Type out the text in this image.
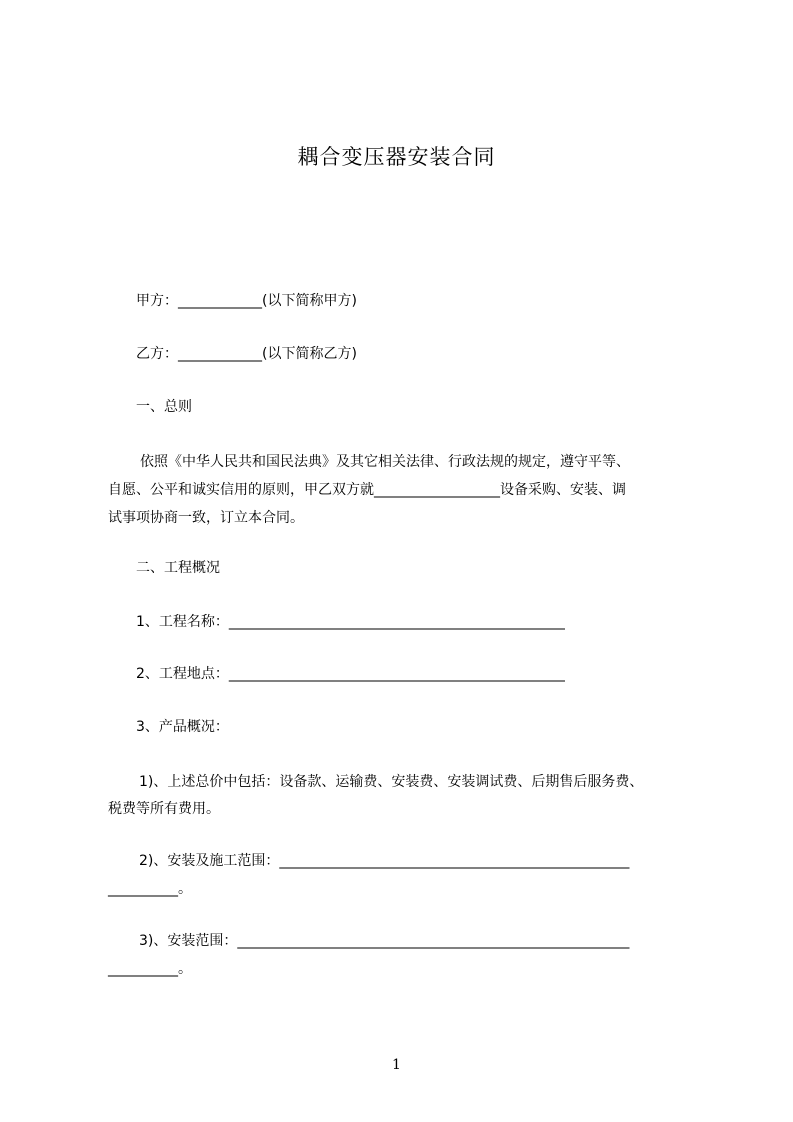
耦合变压器安装合同
甲方：____________(以下简称甲方)
乙方：____________(以下简称乙方)
一、总则
依照《中华人民共和国民法典》及其它相关法律、行政法规的规定，遵守平等、
自愿、公平和诚实信用的原则，甲乙双方就__________________设备采购、安装、调
试事项协商一致，订立本合同。
二、工程概况
1、工程名称：________________________________________________
2、工程地点：________________________________________________
3、产品概况：
1)、上述总价中包括：设备款、运输费、安装费、安装调试费、后期售后服务费、
税费等所有费用。
2)、安装及施工范围：__________________________________________________
__________。
3)、安装范围：________________________________________________________
__________。
1
